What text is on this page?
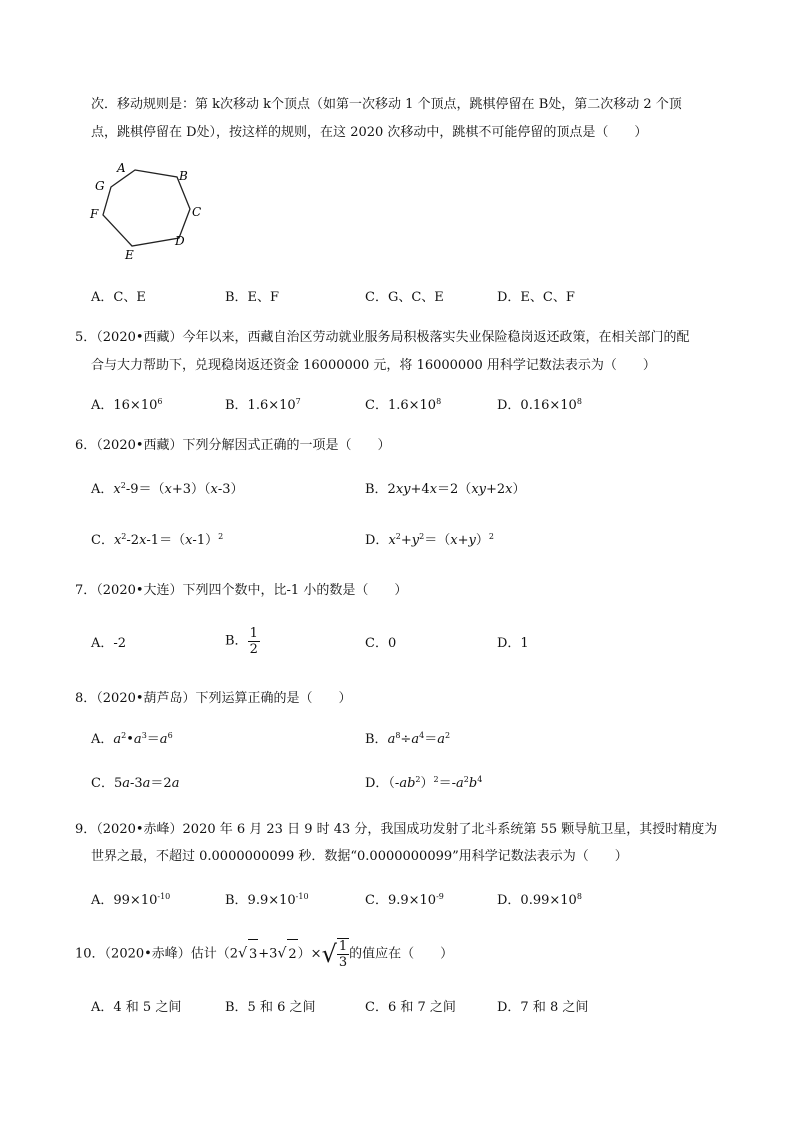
次．移动规则是：第 k次移动 k个顶点（如第一次移动 1 个顶点，跳棋停留在 B处，第二次移动 2 个顶
点，跳棋停留在 D处），按这样的规则，在这 2020 次移动中，跳棋不可能停留的顶点是（　　）
A
B
C
D
E
F
G
A．C、E	B．E、F	C．G、C、E	D．E、C、F
5．（2020•西藏）今年以来，西藏自治区劳动就业服务局积极落实失业保险稳岗返还政策，在相关部门的配
合与大力帮助下，兑现稳岗返还资金 16000000 元，将 16000000 用科学记数法表示为（　　）
A．$16\times 10^6$	B．$1.6\times 10^7$	C．$1.6\times 10^8$	D．$0.16\times 10^8$
6．（2020•西藏）下列分解因式正确的一项是（　　）
A．$x^2-9=(x+3)(x-3)$	B．2xy+4x＝2（xy+2x）
C．$x^2-2x-1=(x-1)^2$	D．$x^2+y^2=(x+y)^2$
7．（2020•大连）下列四个数中，比-1 小的数是（　　）
A．-2	B． $\frac{1}{2}$	C．0	D．1
8．（2020•葫芦岛）下列运算正确的是（　　）
A．$a^2•a^3=a^6$	B．$a^8\div a^4=a^2$
C．5a-3a＝2a	D．$(-ab^2)^2=-a^2b^4$
9．（2020•赤峰）2020 年 6 月 23 日 9 时 43 分，我国成功发射了北斗系统第 55 颗导航卫星，其授时精度为
世界之最，不超过 0.0000000099 秒．数据“0.0000000099”用科学记数法表示为（　　）
A．$99\times 10^{-10}$	B．$9.9\times 10^{-10}$	C．$9.9\times 10^{-9}$	D．$0.99\times 10^8$
10．（2020•赤峰）估计（2√ 3+3√ $2)\times√ \frac{1}{3}$ 的值应在（　　）
A．4 和 5 之间	B．5 和 6 之间	C．6 和 7 之间	D．7 和 8 之间
